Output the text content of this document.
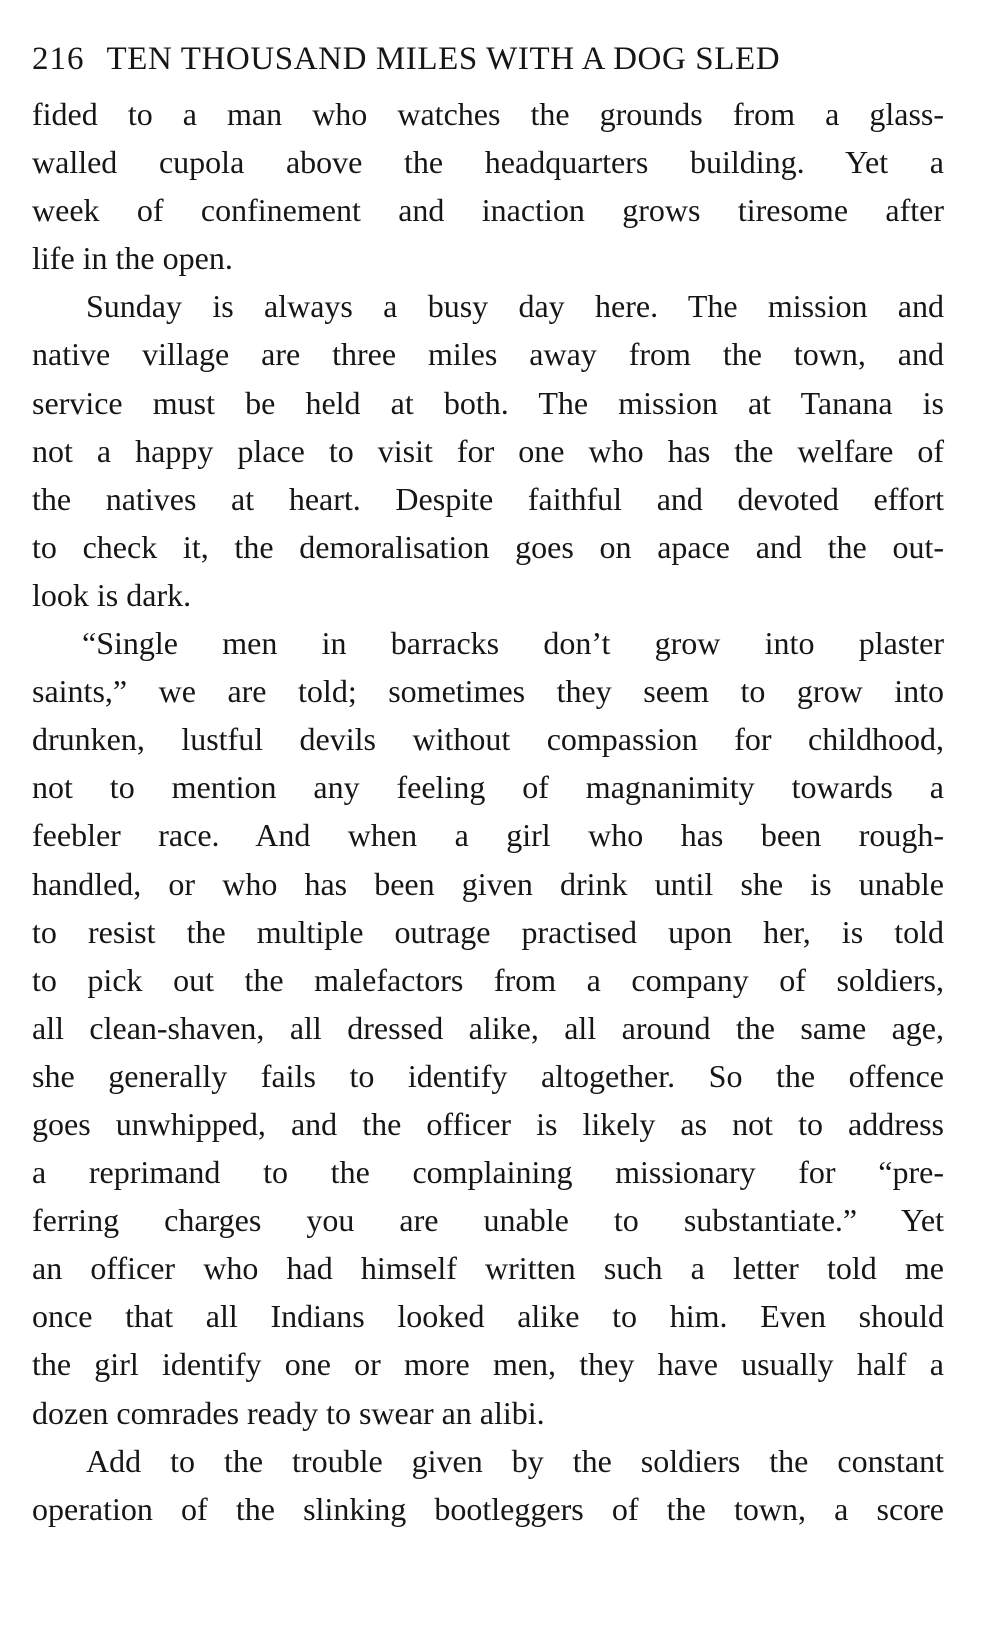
216 TEN THOUSAND MILES WITH A DOG SLED
fided to a man who watches the grounds from a glass-
walled cupola above the headquarters building. Yet a
week of confinement and inaction grows tiresome after
life in the open.
Sunday is always a busy day here. The mission and
native village are three miles away from the town, and
service must be held at both. The mission at Tanana is
not a happy place to visit for one who has the welfare of
the natives at heart. Despite faithful and devoted effort
to check it, the demoralisation goes on apace and the out-
look is dark.
“Single men in barracks don’t grow into plaster
saints,” we are told; sometimes they seem to grow into
drunken, lustful devils without compassion for childhood,
not to mention any feeling of magnanimity towards a
feebler race. And when a girl who has been rough-
handled, or who has been given drink until she is unable
to resist the multiple outrage practised upon her, is told
to pick out the malefactors from a company of soldiers,
all clean-shaven, all dressed alike, all around the same age,
she generally fails to identify altogether. So the offence
goes unwhipped, and the officer is likely as not to address
a reprimand to the complaining missionary for “pre-
ferring charges you are unable to substantiate.” Yet
an officer who had himself written such a letter told me
once that all Indians looked alike to him. Even should
the girl identify one or more men, they have usually half a
dozen comrades ready to swear an alibi.
Add to the trouble given by the soldiers the constant
operation of the slinking bootleggers of the town, a score
